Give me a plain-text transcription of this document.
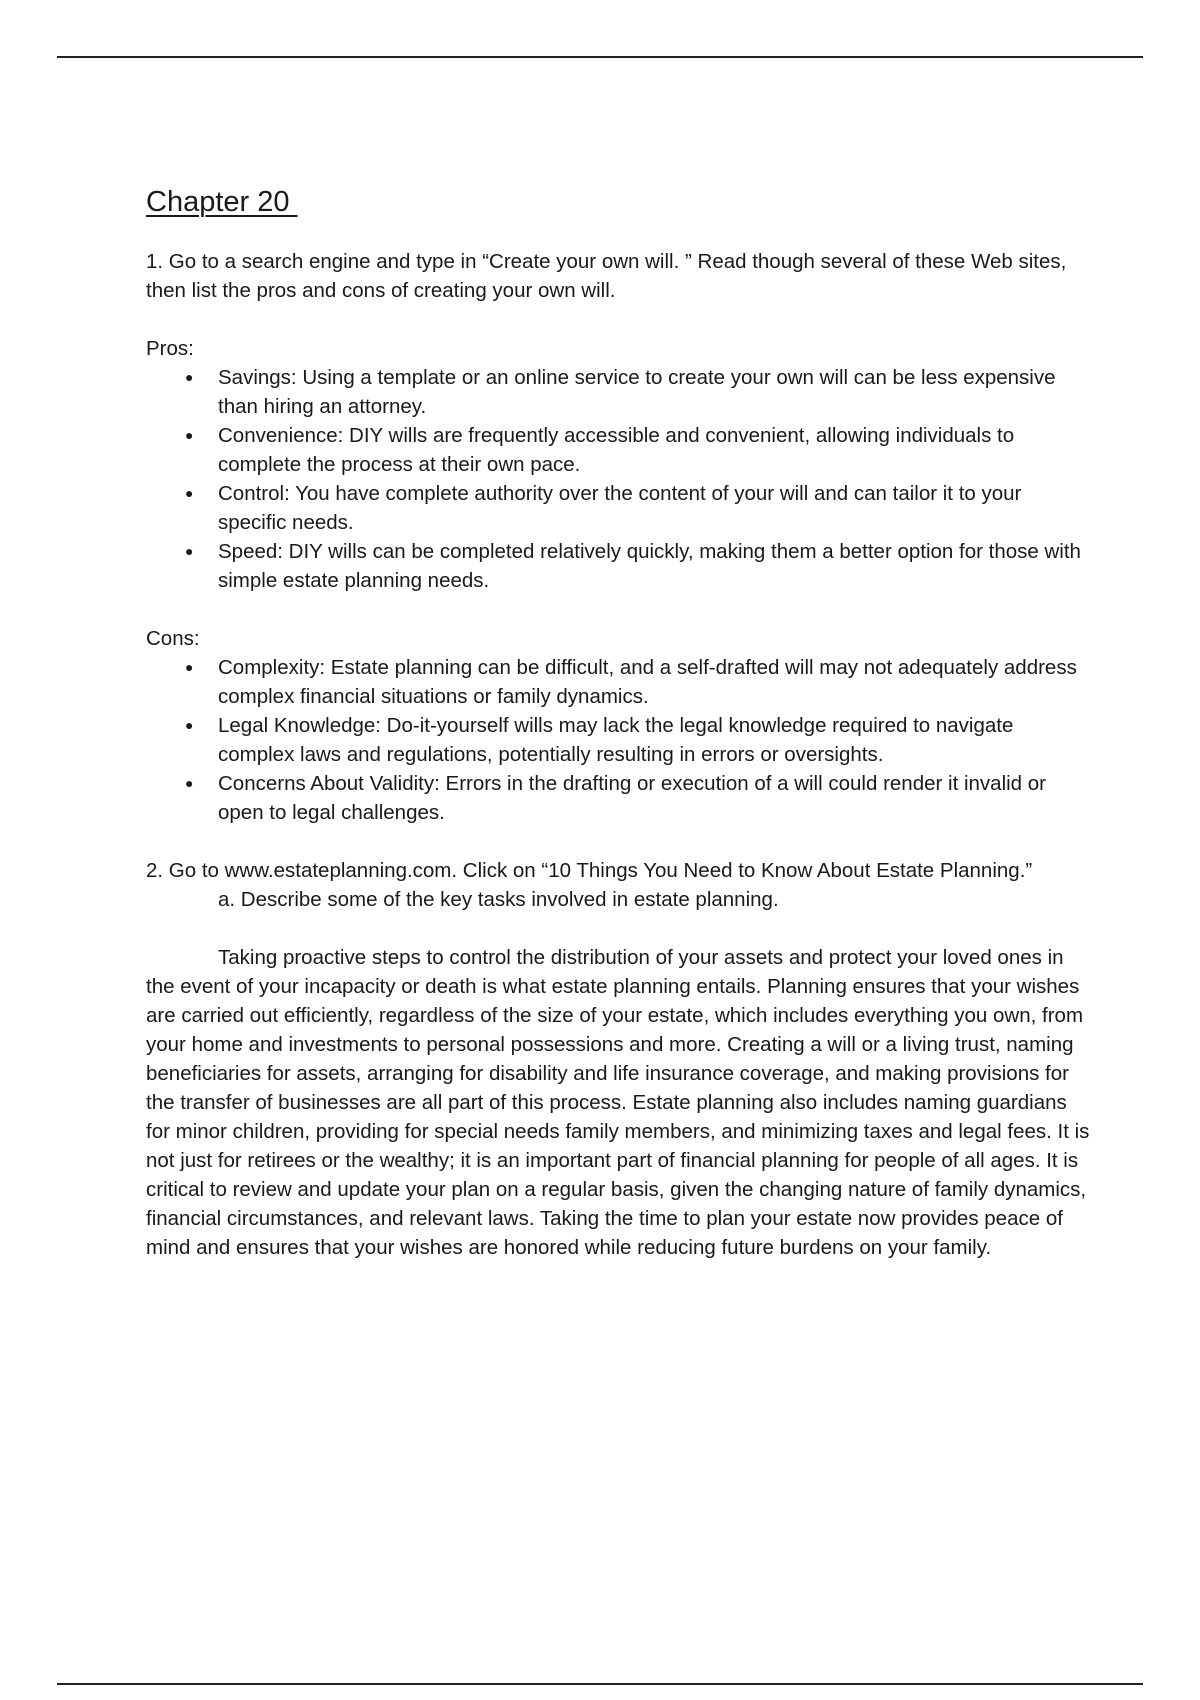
Chapter 20

1. Go to a search engine and type in “Create your own will. ” Read though several of these Web sites, then list the pros and cons of creating your own will.

Pros:

● Savings: Using a template or an online service to create your own will can be less expensive than hiring an attorney.
● Convenience: DIY wills are frequently accessible and convenient, allowing individuals to complete the process at their own pace.
● Control: You have complete authority over the content of your will and can tailor it to your specific needs.
● Speed: DIY wills can be completed relatively quickly, making them a better option for those with simple estate planning needs.

Cons:

● Complexity: Estate planning can be difficult, and a self-drafted will may not adequately address complex financial situations or family dynamics.
● Legal Knowledge: Do-it-yourself wills may lack the legal knowledge required to navigate complex laws and regulations, potentially resulting in errors or oversights.
● Concerns About Validity: Errors in the drafting or execution of a will could render it invalid or open to legal challenges.

2. Go to www.estateplanning.com. Click on “10 Things You Need to Know About Estate Planning.”

a. Describe some of the key tasks involved in estate planning.

Taking proactive steps to control the distribution of your assets and protect your loved ones in the event of your incapacity or death is what estate planning entails. Planning ensures that your wishes are carried out efficiently, regardless of the size of your estate, which includes everything you own, from your home and investments to personal possessions and more. Creating a will or a living trust, naming beneficiaries for assets, arranging for disability and life insurance coverage, and making provisions for the transfer of businesses are all part of this process. Estate planning also includes naming guardians for minor children, providing for special needs family members, and minimizing taxes and legal fees. It is not just for retirees or the wealthy; it is an important part of financial planning for people of all ages. It is critical to review and update your plan on a regular basis, given the changing nature of family dynamics, financial circumstances, and relevant laws. Taking the time to plan your estate now provides peace of mind and ensures that your wishes are honored while reducing future burdens on your family.
